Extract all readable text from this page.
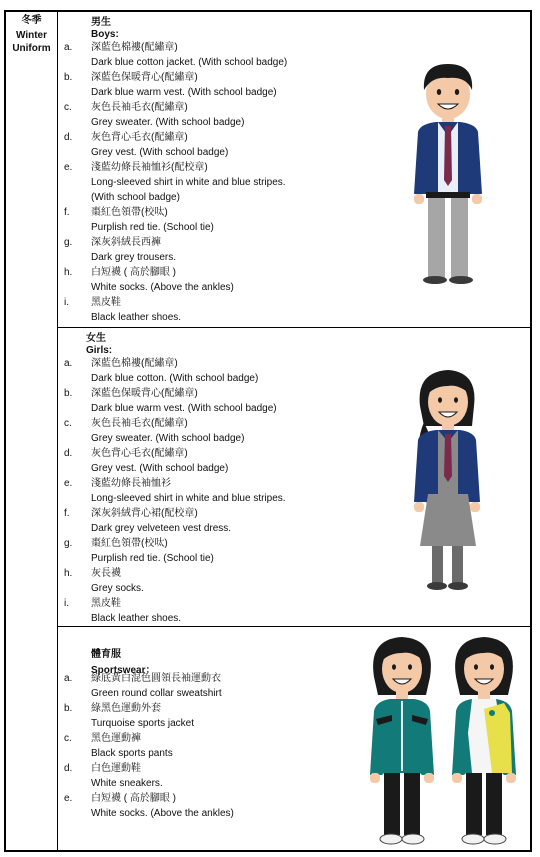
冬季
Winter
Uniform
男生
Boys:
a. 深藍色棉褸(配繡章)
Dark blue cotton jacket. (With school badge)
b. 深藍色保暖背心(配繡章)
Dark blue warm vest. (With school badge)
c. 灰色長袖毛衣(配繡章)
Grey sweater. (With school badge)
d. 灰色背心毛衣(配繡章)
Grey vest. (With school badge)
e. 淺藍幼條長袖恤衫(配校章)
Long-sleeved shirt in white and blue stripes.
(With school badge)
f. 棗紅色領帶(校呔)
Purplish red tie. (School tie)
g. 深灰斜絨長西褲
Dark grey trousers.
h. 白短襪 ( 高於腳眼 )
White socks. (Above the ankles)
i. 黑皮鞋
Black leather shoes.
女生
Girls:
a. 深藍色棉褸(配繡章)
Dark blue cotton. (With school badge)
b. 深藍色保暖背心(配繡章)
Dark blue warm vest. (With school badge)
c. 灰色長袖毛衣(配繡章)
Grey sweater. (With school badge)
d. 灰色背心毛衣(配繡章)
Grey vest. (With school badge)
e. 淺藍幼條長袖恤衫
Long-sleeved shirt in white and blue stripes.
f. 深灰斜絨背心裙(配校章)
Dark grey velveteen vest dress.
g. 棗紅色領帶(校呔)
Purplish red tie. (School tie)
h. 灰長襪
Grey socks.
i. 黑皮鞋
Black leather shoes.
體育服
Sportswear：
a. 綠底黃白混色圓領長袖運動衣
Green round collar sweatshirt
b. 綠黑色運動外套
Turquoise sports jacket
c. 黑色運動褲
Black sports pants
d. 白色運動鞋
White sneakers.
e. 白短襪 ( 高於腳眼 )
White socks. (Above the ankles)
